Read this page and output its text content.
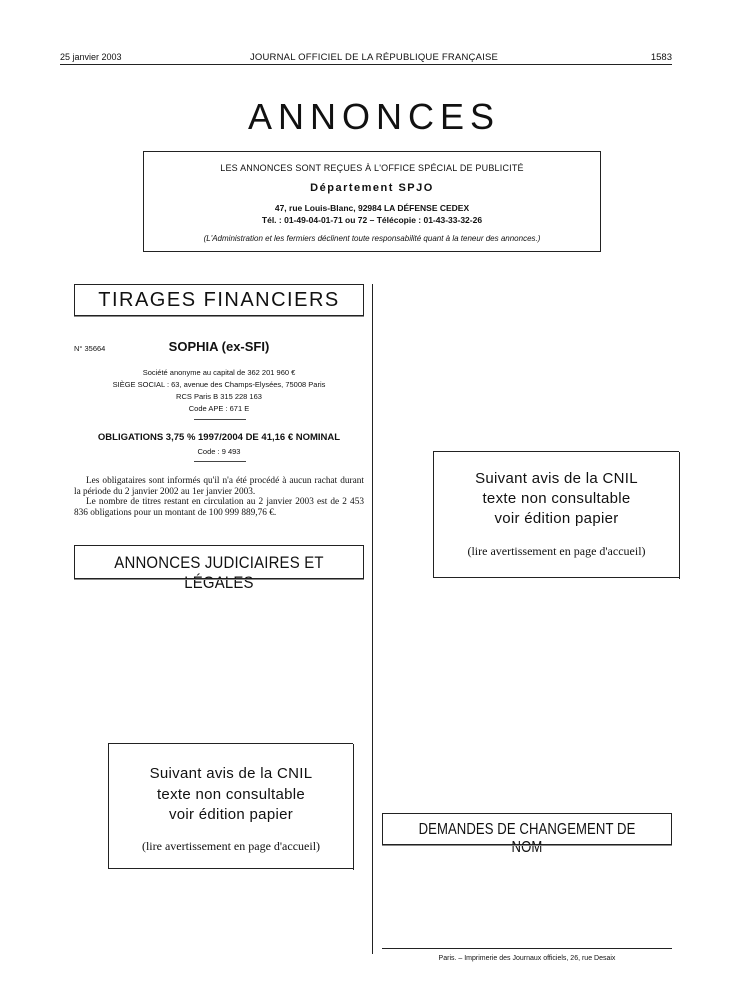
25 janvier 2003	JOURNAL OFFICIEL DE LA RÉPUBLIQUE FRANÇAISE	1583
ANNONCES
LES ANNONCES SONT REÇUES À L'OFFICE SPÉCIAL DE PUBLICITÉ
Département SPJO
47, rue Louis-Blanc, 92984 LA DÉFENSE CEDEX
Tél. : 01-49-04-01-71 ou 72 – Télécopie : 01-43-33-32-26
(L'Administration et les fermiers déclinent toute responsabilité quant à la teneur des annonces.)
TIRAGES FINANCIERS
N° 35664	SOPHIA (ex-SFI)
Société anonyme au capital de 362 201 960 €
SIÈGE SOCIAL : 63, avenue des Champs-Elysées, 75008 Paris
RCS Paris B 315 228 163
Code APE : 671 E
OBLIGATIONS 3,75 % 1997/2004 DE 41,16 € NOMINAL
Code : 9 493

Les obligataires sont informés qu'il n'a été procédé à aucun rachat durant la période du 2 janvier 2002 au 1er janvier 2003.

Le nombre de titres restant en circulation au 2 janvier 2003 est de 2 453 836 obligations pour un montant de 100 999 889,76 €.

ANNONCES JUDICIAIRES ET LÉGALES
Suivant avis de la CNIL
texte non consultable
voir édition papier
(lire avertissement en page d'accueil)
Suivant avis de la CNIL
texte non consultable
voir édition papier
(lire avertissement en page d'accueil)
DEMANDES DE CHANGEMENT DE NOM
Paris. – Imprimerie des Journaux officiels, 26, rue Desaix
